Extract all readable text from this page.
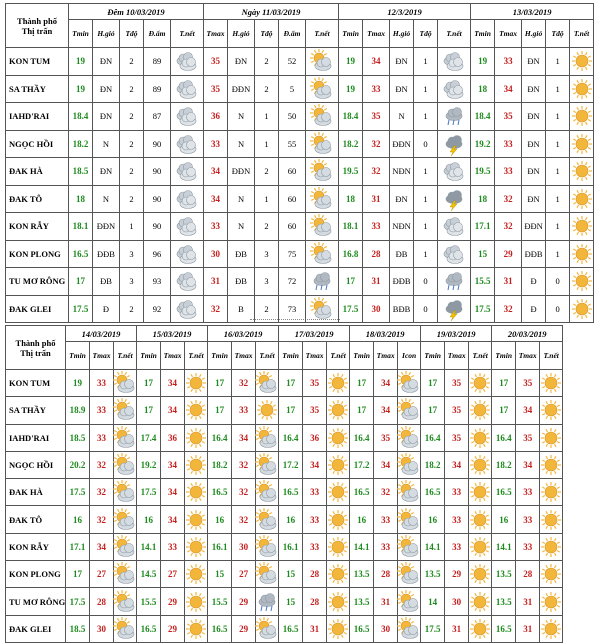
Thành phố
Thị trấn	Đêm 10/03/2019					Ngày 11/03/2019					12/3/2019					13/03/2019				
	Tmin	H.gió	Tđộ	Đ.ẩm	T.nết	Tmax	H.gió	Tđộ	Đ.ẩm	T.nết	Tmin	Tmax	H.gió	Tđộ	T.nết	Tmin	Tmax	H.gió	Tđộ	T.nết
KON TUM	19	ĐN	2	89		35	ĐN	2	52		19	34	ĐN	1		19	33	ĐN	1	

SA THẦY	19	ĐN	2	89		35	ĐĐN	2	5		19	33	ĐN	1		18	34	ĐN	1	

IAHD'RAI	18.4	ĐN	2	87		36	N	1	50		18.4	35	N	1		18.4	35	ĐN	1	

NGỌC HỒI	18.2	N	2	90		33	N	1	55		18.2	32	ĐĐN	0		19.2	33	ĐN	1	

ĐAK HÀ	18.5	ĐN	2	90		34	ĐĐN	2	60		19.5	32	NĐN	1		19.5	33	ĐN	1	

ĐAK TÔ	18	N	2	90		34	N	1	60		18	31	ĐN	1		18	32	ĐN	1	

KON RẪY	18.1	ĐĐN	1	90		33	N	2	60		18.1	33	NĐN	1		17.1	32	ĐĐN	1	

KON PLONG	16.5	ĐĐB	3	96		30	ĐB	3	75		16.8	28	ĐB	1		15	29	ĐĐB	1	

TU MƠ RÔNG	17	ĐB	3	93		31	ĐB	3	72		17	31	ĐĐB	0		15.5	31	Đ	0	

ĐAK GLEI	17.5	Đ	2	92		32	B	2	73		17.5	30	BĐB	0		17.5	32	Đ	0	
Thành phố
Thị trấn	14/03/2019			15/03/2019			16/03/2019			17/03/2019			18/03/2019			19/03/2019			20/03/2019		
	Tmin	Tmax	T.nết	Tmin	Tmax	T.nết	Tmin	Tmax	T.nết	Tmin	Tmax	T.nết	Tmin	Tmax	Icon	Tmin	Tmax	T.nết	Tmin	Tmax	T.nết
KON TUM	19	33		17	34		17	32		17	35		17	34		17	35		17	35	

SA THẦY	18.9	33		17	34		17	33		17	35		17	34		17	35		17	34	

IAHD'RAI	18.5	33		17.4	36		16.4	34		16.4	36		16.4	35		16.4	35		16.4	35	

NGỌC HỒI	20.2	32		19.2	34		18.2	32		17.2	34		17.2	34		18.2	34		18.2	34	

ĐAK HÀ	17.5	32		17.5	34		16.5	32		16.5	33		16.5	32		16.5	33		16.5	33	

ĐAK TÔ	16	32		16	34		16	32		16	33		16	33		16	33		16	33	

KON RẪY	17.1	34		14.1	33		16.1	30		16.1	33		14.1	33		14.1	33		14.1	33	

KON PLONG	17	27		14.5	27		15	27		15	28		13.5	28		13.5	29		13.5	28	

TU MƠ RÔNG	17.5	28		15.5	29		15.5	29		15	28		13.5	31		14	30		13.5	31	

ĐAK GLEI	18.5	30		16.5	29		16.5	29		16.5	31		16.5	30		17.5	31		16.5	31	
